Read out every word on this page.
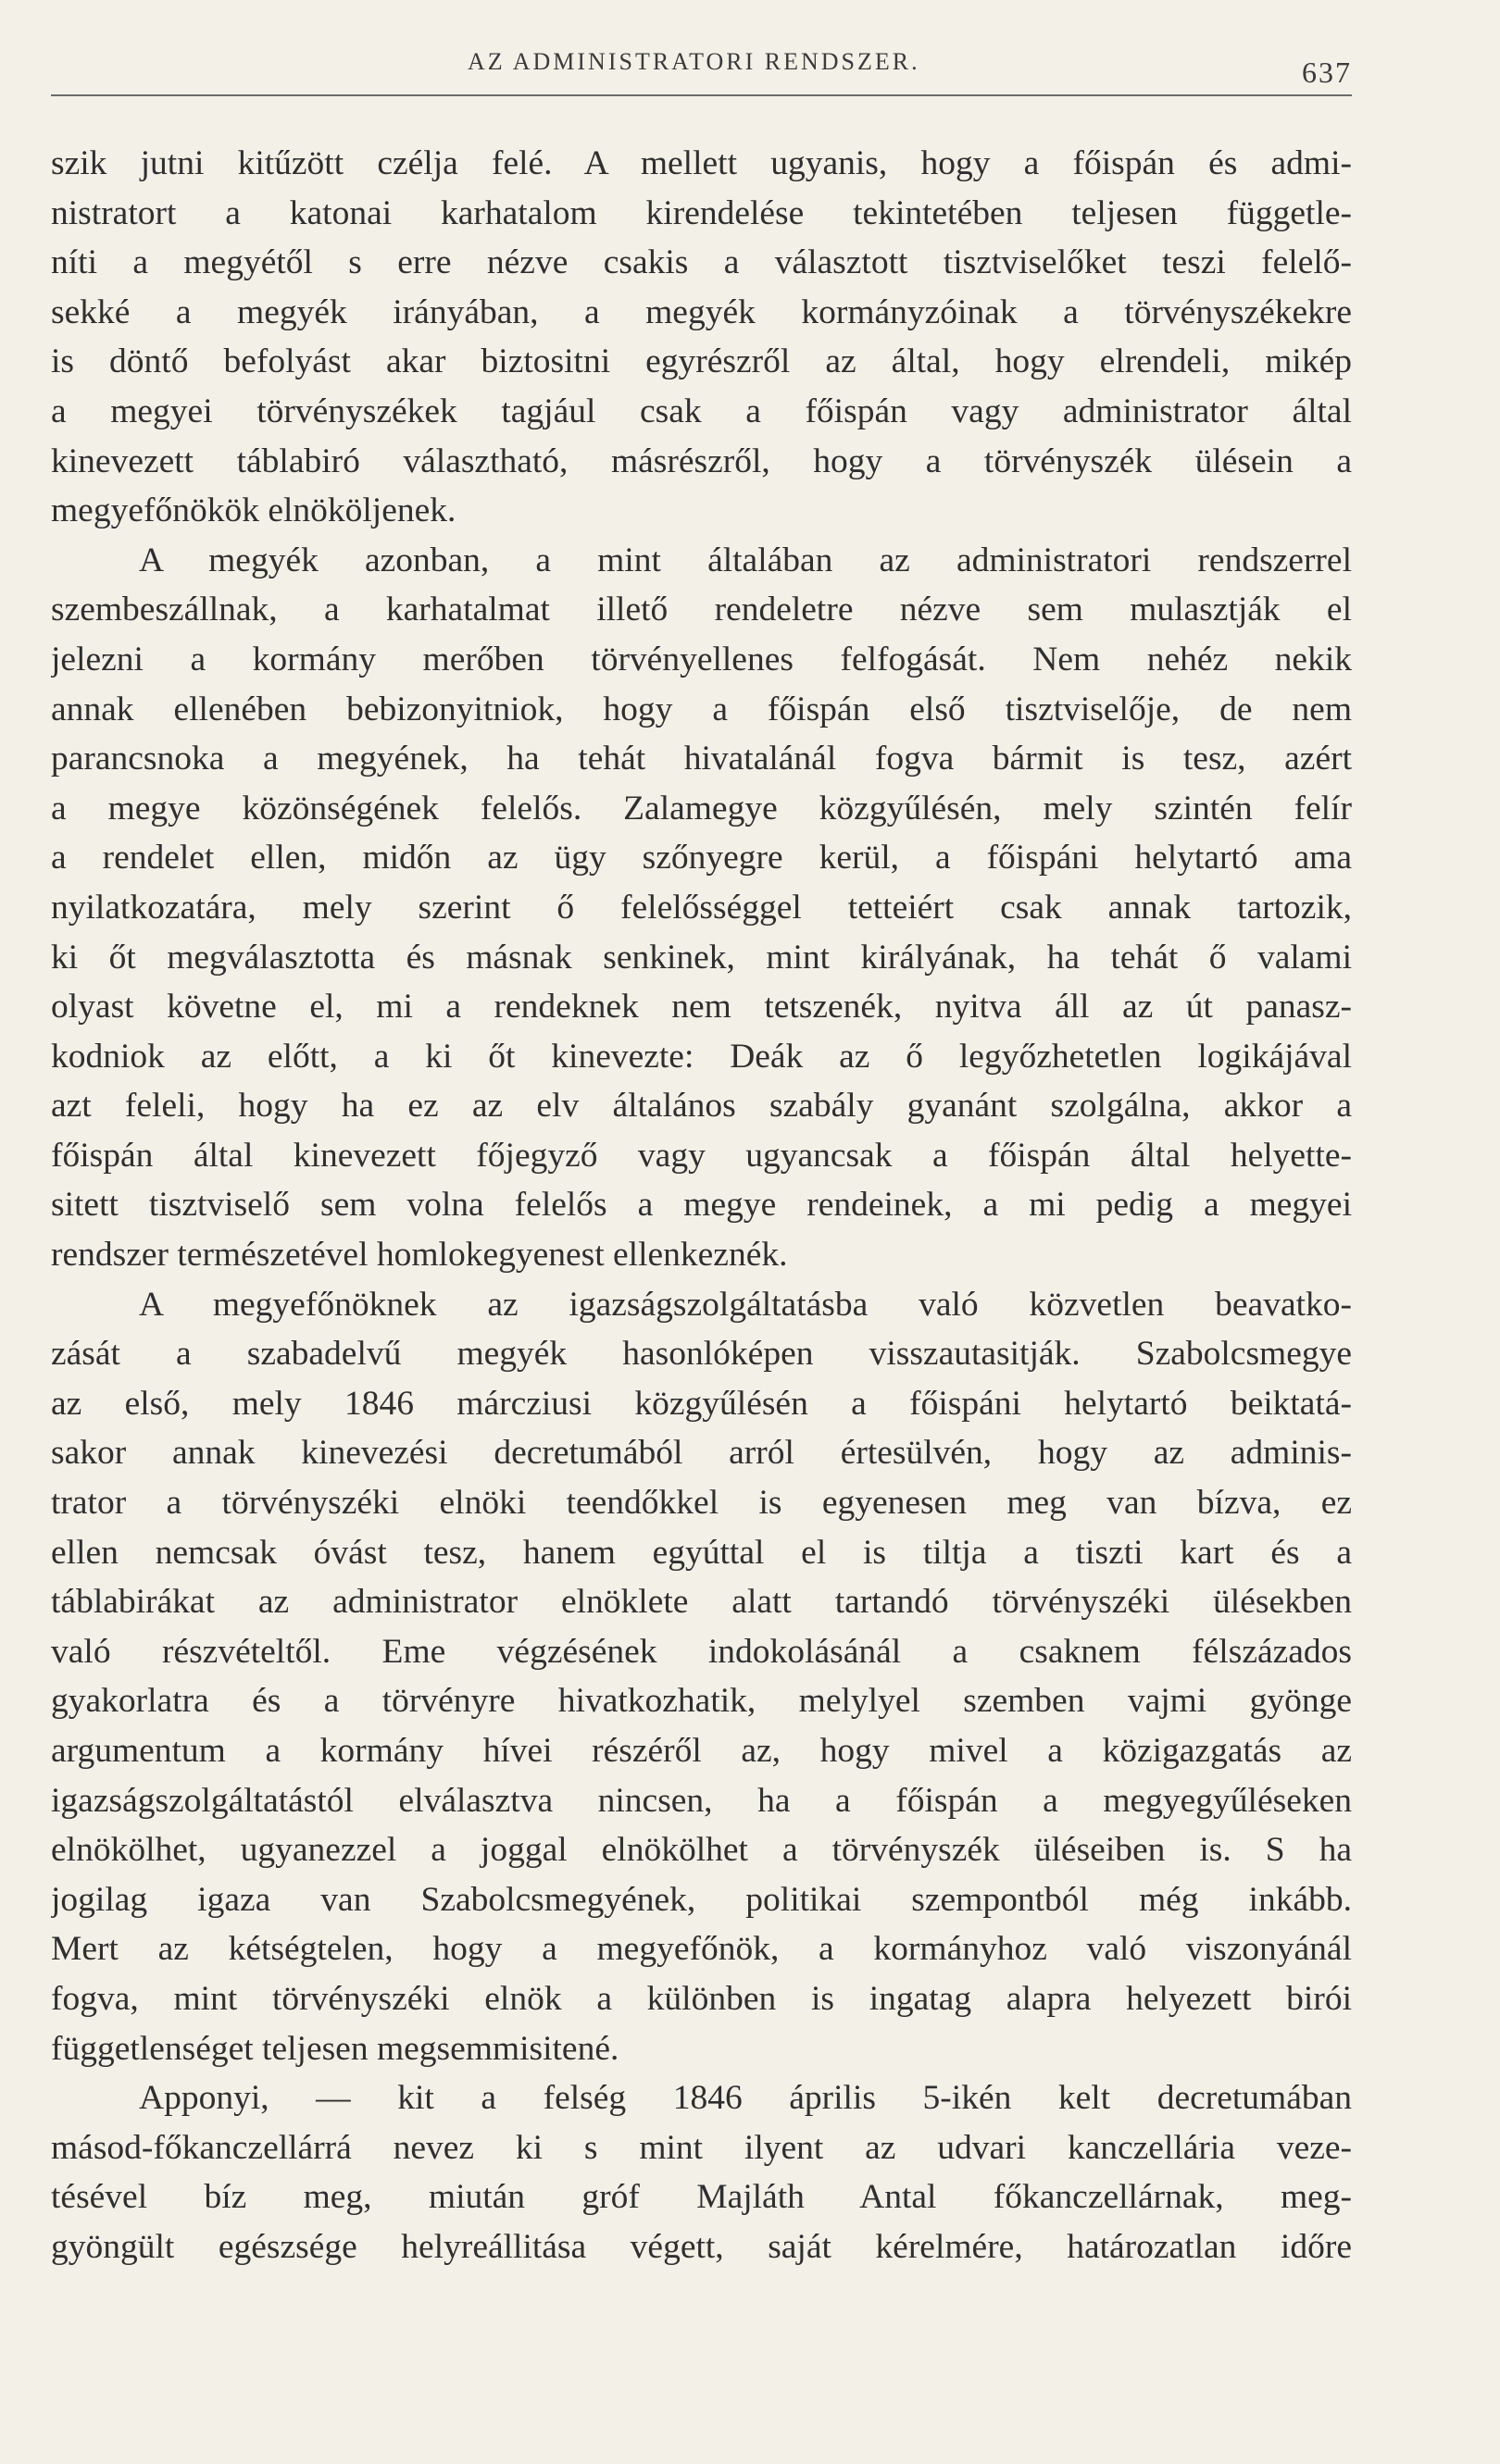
AZ ADMINISTRATORI RENDSZER.	637
szik jutni kitűzött czélja felé. A mellett ugyanis, hogy a főispán és admi-
nistratort a katonai karhatalom kirendelése tekintetében teljesen függetle-
níti a megyétől s erre nézve csakis a választott tisztviselőket teszi felelő-
sekké a megyék irányában, a megyék kormányzóinak a törvényszékekre
is döntő befolyást akar biztositni egyrészről az által, hogy elrendeli, mikép
a megyei törvényszékek tagjául csak a főispán vagy administrator által
kinevezett táblabiró választható, másrészről, hogy a törvényszék ülésein a
megyefőnökök elnököljenek.
A megyék azonban, a mint általában az administratori rendszerrel
szembeszállnak, a karhatalmat illető rendeletre nézve sem mulasztják el
jelezni a kormány merőben törvényellenes felfogását. Nem nehéz nekik
annak ellenében bebizonyitniok, hogy a főispán első tisztviselője, de nem
parancsnoka a megyének, ha tehát hivatalánál fogva bármit is tesz, azért
a megye közönségének felelős. Zalamegye közgyűlésén, mely szintén felír
a rendelet ellen, midőn az ügy szőnyegre kerül, a főispáni helytartó ama
nyilatkozatára, mely szerint ő felelősséggel tetteiért csak annak tartozik,
ki őt megválasztotta és másnak senkinek, mint királyának, ha tehát ő valami
olyast követne el, mi a rendeknek nem tetszenék, nyitva áll az út panasz-
kodniok az előtt, a ki őt kinevezte: Deák az ő legyőzhetetlen logikájával
azt feleli, hogy ha ez az elv általános szabály gyanánt szolgálna, akkor a
főispán által kinevezett főjegyző vagy ugyancsak a főispán által helyette-
sitett tisztviselő sem volna felelős a megye rendeinek, a mi pedig a megyei
rendszer természetével homlokegyenest ellenkeznék.
A megyefőnöknek az igazságszolgáltatásba való közvetlen beavatko-
zását a szabadelvű megyék hasonlóképen visszautasitják. Szabolcsmegye
az első, mely 1846 márcziusi közgyűlésén a főispáni helytartó beiktatá-
sakor annak kinevezési decretumából arról értesülvén, hogy az adminis-
trator a törvényszéki elnöki teendőkkel is egyenesen meg van bízva, ez
ellen nemcsak óvást tesz, hanem egyúttal el is tiltja a tiszti kart és a
táblabirákat az administrator elnöklete alatt tartandó törvényszéki ülésekben
való részvételtől. Eme végzésének indokolásánál a csaknem félszázados
gyakorlatra és a törvényre hivatkozhatik, melylyel szemben vajmi gyönge
argumentum a kormány hívei részéről az, hogy mivel a közigazgatás az
igazságszolgáltatástól elválasztva nincsen, ha a főispán a megyegyűléseken
elnökölhet, ugyanezzel a joggal elnökölhet a törvényszék üléseiben is. S ha
jogilag igaza van Szabolcsmegyének, politikai szempontból még inkább.
Mert az kétségtelen, hogy a megyefőnök, a kormányhoz való viszonyánál
fogva, mint törvényszéki elnök a különben is ingatag alapra helyezett birói
függetlenséget teljesen megsemmisitené.
Apponyi, — kit a felség 1846 április 5-ikén kelt decretumában
másod-főkanczellárrá nevez ki s mint ilyent az udvari kanczellária veze-
tésével bíz meg, miután gróf Majláth Antal főkanczellárnak, meg-
gyöngült egészsége helyreállitása végett, saját kérelmére, határozatlan időre
